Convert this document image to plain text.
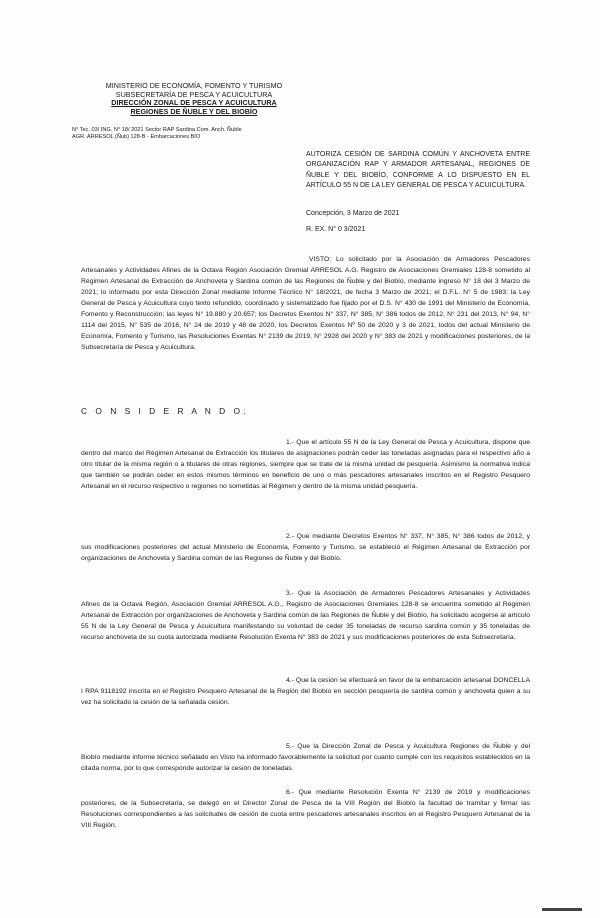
MINISTERIO DE ECONOMÍA, FOMENTO Y TURISMO
SUBSECRETARÍA DE PESCA Y ACUICULTURA
DIRECCIÓN ZONAL DE PESCA Y ACUICULTURA
REGIONES DE ÑUBLE Y DEL BIOBÍO
N° Tec. 03/ ING. N° 18/ 2021 Sector RAP Sardina Com. Anch. Ñuble
AGR. ARRESOL (Ñub) 128-B - Embarcaciones BIO
AUTORIZA CESIÓN DE SARDINA COMÚN Y ANCHOVETA ENTRE ORGANIZACIÓN RAP Y ARMADOR ARTESANAL, REGIONES DE ÑUBLE Y DEL BIOBÍO, CONFORME A LO DISPUESTO EN EL ARTÍCULO 55 N DE LA LEY GENERAL DE PESCA Y ACUICULTURA.
Concepción, 3 Marzo de 2021
R. EX. N° 0 3/2021
VISTO: Lo solicitado por la Asociación de Armadores Pescadores Artesanales y Actividades Afines de la Octava Región Asociación Gremial ARRESOL A.G. Registro de Asociaciones Gremiales 128-8 sometido al Régimen Artesanal de Extracción de Anchoveta y Sardina común de las Regiones de Ñuble y del Biobío, mediante ingreso N° 18 del 3 Marzo de 2021; lo informado por esta Dirección Zonal mediante Informe Técnico N° 18/2021, de fecha 3 Marzo de 2021; el D.F.L. N° 5 de 1983; la Ley General de Pesca y Acuicultura cuyo texto refundido, coordinado y sistematizado fue fijado por el D.S. N° 430 de 1991 del Ministerio de Economía, Fomento y Reconstrucción; las leyes N° 19.880 y 20.657; los Decretos Exentos N° 337, N° 385, N° 386 todos de 2012, N° 231 del 2013, N° 94, N° 1114 del 2015, N° 535 de 2016, N° 24 de 2019 y 48 de 2020, los Decretos Exentos Nº 50 de 2020 y 3 de 2021, todos del actual Ministerio de Economía, Fomento y Turismo, las Resoluciones Exentas N° 2139 de 2019, N° 2928 del 2020 y N° 383 de 2021 y modificaciones posteriores, de la Subsecretaría de Pesca y Acuicultura.
C O N S I D E R A N D O:
1.- Que el artículo 55 N de la Ley General de Pesca y Acuicultura, dispone que dentro del marco del Régimen Artesanal de Extracción los titulares de asignaciones podrán ceder las toneladas asignadas para el respectivo año a otro titular de la misma región o a titulares de otras regiones, siempre que se trate de la misma unidad de pesquería. Asimismo la normativa indica que también se podrán ceder en estos mismos términos en beneficio de uno o más pescadores artesanales inscritos en el Registro Pesquero Artesanal en el recurso respectivo o regiones no sometidas al Régimen y dentro de la misma unidad pesquería.
2.- Que mediante Decretos Exentos N° 337, N° 385, N° 386 todos de 2012, y sus modificaciones posteriores del actual Ministerio de Economía, Fomento y Turismo, se estableció el Régimen Artesanal de Extracción por organizaciones de Anchoveta y Sardina común de las Regiones de Ñuble y del Biobío.
3.- Que la Asociación de Armadores Pescadores Artesanales y Actividades Afines de la Octava Región, Asociación Gremial ARRESOL A.G., Registro de Asociaciones Gremiales 128-8 se encuentra sometido al Régimen Artesanal de Extracción por organizaciones de Anchoveta y Sardina común de las Regiones de Ñuble y del Biobío, ha solicitado acogerse al artículo 55 N de la Ley General de Pesca y Acuicultura manifestando su voluntad de ceder 35 toneladas de recurso sardina común y 35 toneladas de recurso anchoveta de su cuota autorizada mediante Resolución Exenta N° 383 de 2021 y sus modificaciones posteriores de esta Subsecretaría.
4.- Que la cesión se efectuará en favor de la embarcación artesanal DONCELLA I RPA 9118192 inscrita en el Registro Pesquero Artesanal de la Región del Biobío en sección pesquería de sardina común y anchoveta quien a su vez ha solicitado la cesión de la señalada cesión.
5.- Que la Dirección Zonal de Pesca y Acuicultura Regiones de Ñuble y del Biobío mediante informe técnico señalado en Visto ha informado favorablemente la solicitud por cuanto cumple con los requisitos establecidos en la citada norma, por lo que corresponde autorizar la cesión de toneladas.
6.- Que mediante Resolución Exenta N° 2139 de 2019 y modificaciones posteriores, de la Subsecretaría, se delegó en el Director Zonal de Pesca de la VIII Región del Biobío la facultad de tramitar y firmar las Resoluciones correspondientes a las solicitudes de cesión de cuota entre pescadores artesanales inscritos en el Registro Pesquero Artesanal de la VIII Región.
